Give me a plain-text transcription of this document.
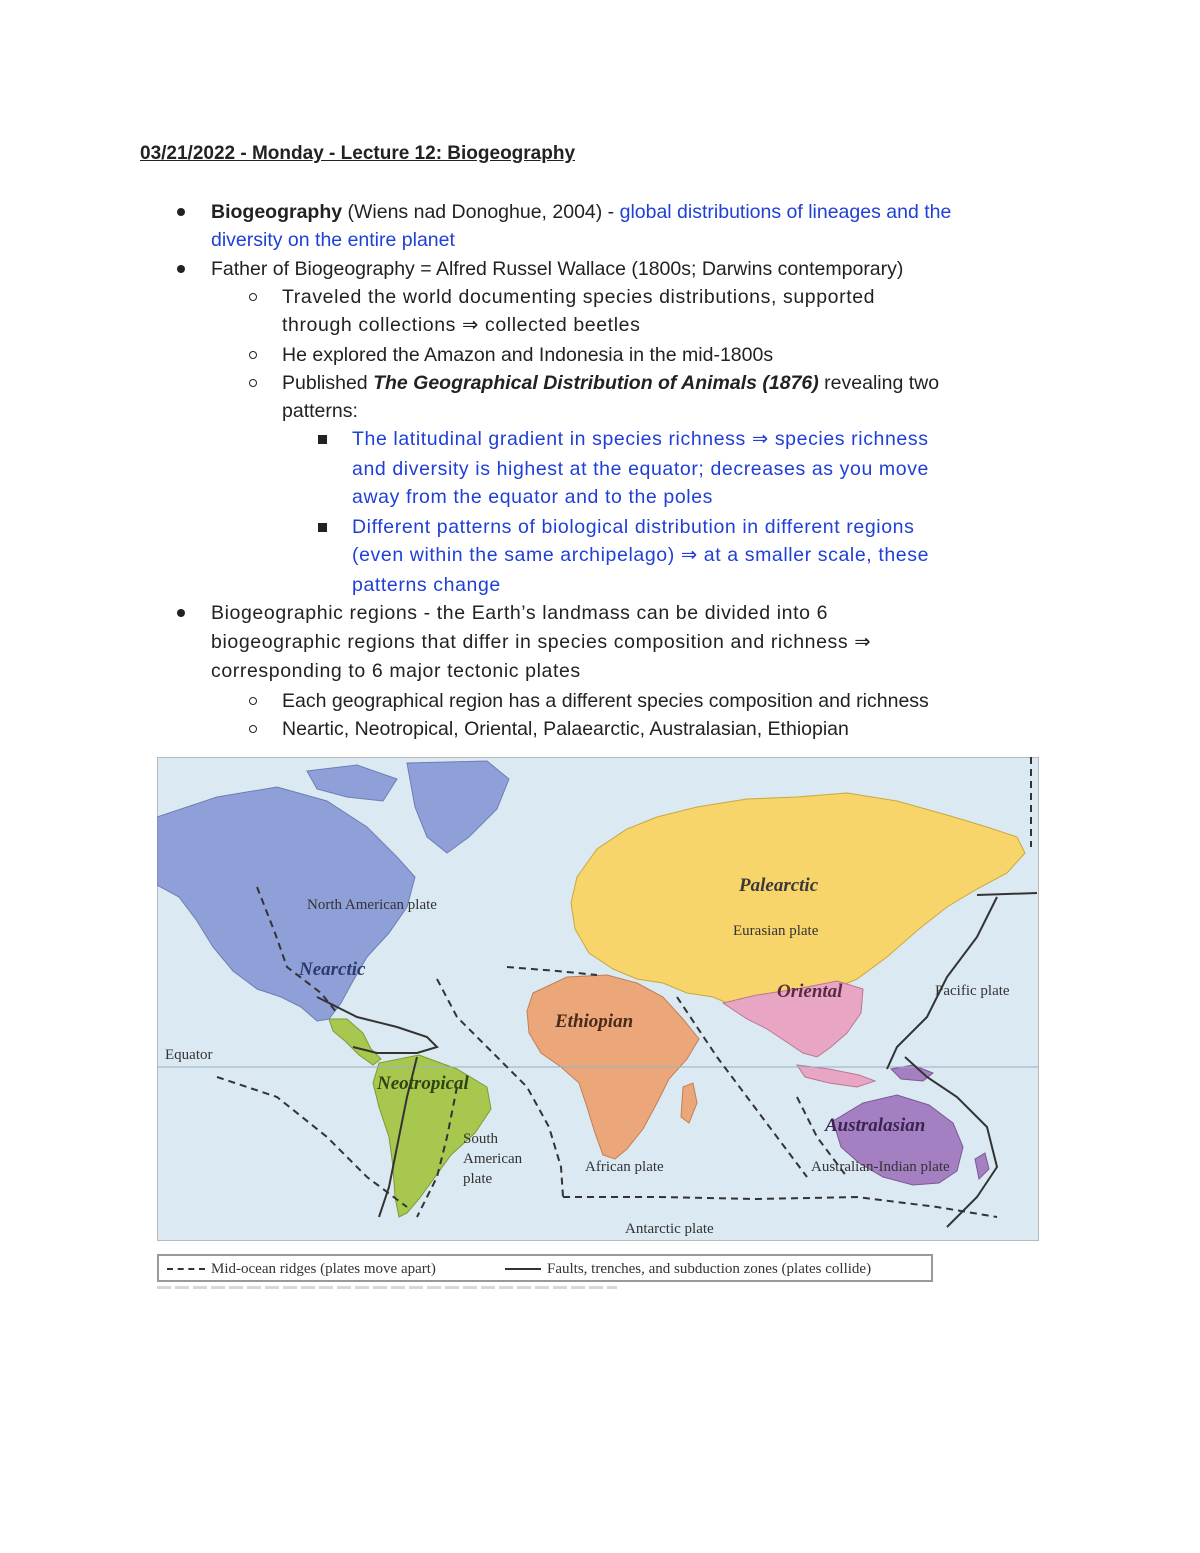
03/21/2022 - Monday - Lecture 12: Biogeography
Biogeography (Wiens nad Donoghue, 2004) - global distributions of lineages and the
diversity on the entire planet
Father of Biogeography = Alfred Russel Wallace (1800s; Darwins contemporary)
Traveled the world documenting species distributions, supported
through collections ⇒ collected beetles
He explored the Amazon and Indonesia in the mid-1800s
Published The Geographical Distribution of Animals (1876) revealing two
patterns:
The latitudinal gradient in species richness ⇒ species richness
and diversity is highest at the equator; decreases as you move
away from the equator and to the poles
Different patterns of biological distribution in different regions
(even within the same archipelago) ⇒ at a smaller scale, these
patterns change
Biogeographic regions - the Earth’s landmass can be divided into 6
biogeographic regions that differ in species composition and richness ⇒
corresponding to 6 major tectonic plates
Each geographical region has a different species composition and richness
Neartic, Neotropical, Oriental, Palaearctic, Australasian, Ethiopian
Palearctic
Nearctic
Oriental
Ethiopian
Neotropical
Australasian
North American plate
Eurasian plate
Pacific plate
Equator
South
American
plate
African plate	Australian-Indian plate
Antarctic plate
Mid-ocean ridges (plates move apart)	Faults, trenches, and subduction zones (plates collide)
